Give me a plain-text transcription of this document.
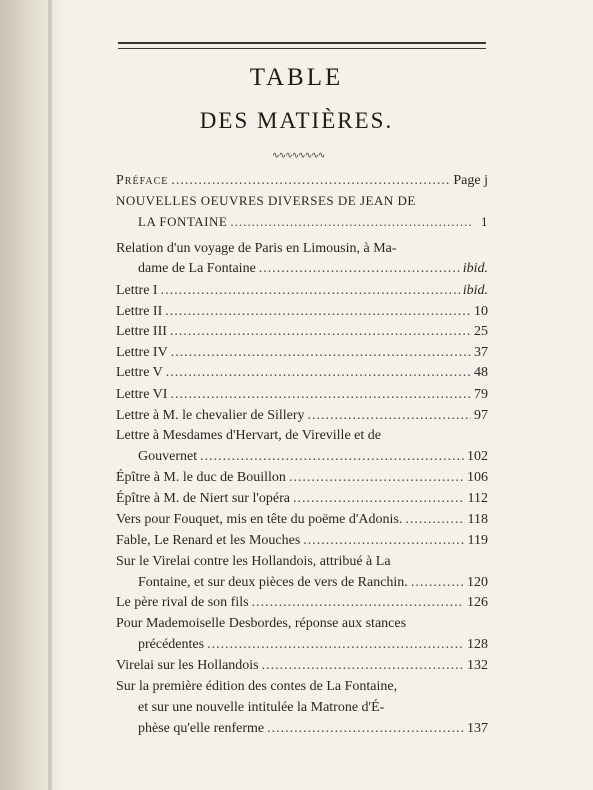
TABLE
DES MATIÈRES.
∿∿∿∿∿∿∿∿
Préface .....	Page j
NOUVELLES OEUVRES DIVERSES DE JEAN DE
LA FONTAINE .....	1
Relation d'un voyage de Paris en Limousin, à Ma-
dame de La Fontaine .....	ibid.
Lettre I .....	ibid.
Lettre II .....	10
Lettre III .....	25
Lettre IV .....	37
Lettre V .....	48
Lettre VI .....	79
Lettre à M. le chevalier de Sillery .....	97
Lettre à Mesdames d'Hervart, de Vireville et de
Gouvernet .....	102
Épître à M. le duc de Bouillon .....	106
Épître à M. de Niert sur l'opéra .....	112
Vers pour Fouquet, mis en tête du poëme d'Adonis. .....	118
Fable, Le Renard et les Mouches .....	119
Sur le Virelai contre les Hollandois, attribué à La
Fontaine, et sur deux pièces de vers de Ranchin. .....	120
Le père rival de son fils .....	126
Pour Mademoiselle Desbordes, réponse aux stances
précédentes .....	128
Virelai sur les Hollandois .....	132
Sur la première édition des contes de La Fontaine,
et sur une nouvelle intitulée la Matrone d'É-
phèse qu'elle renferme .....	137
